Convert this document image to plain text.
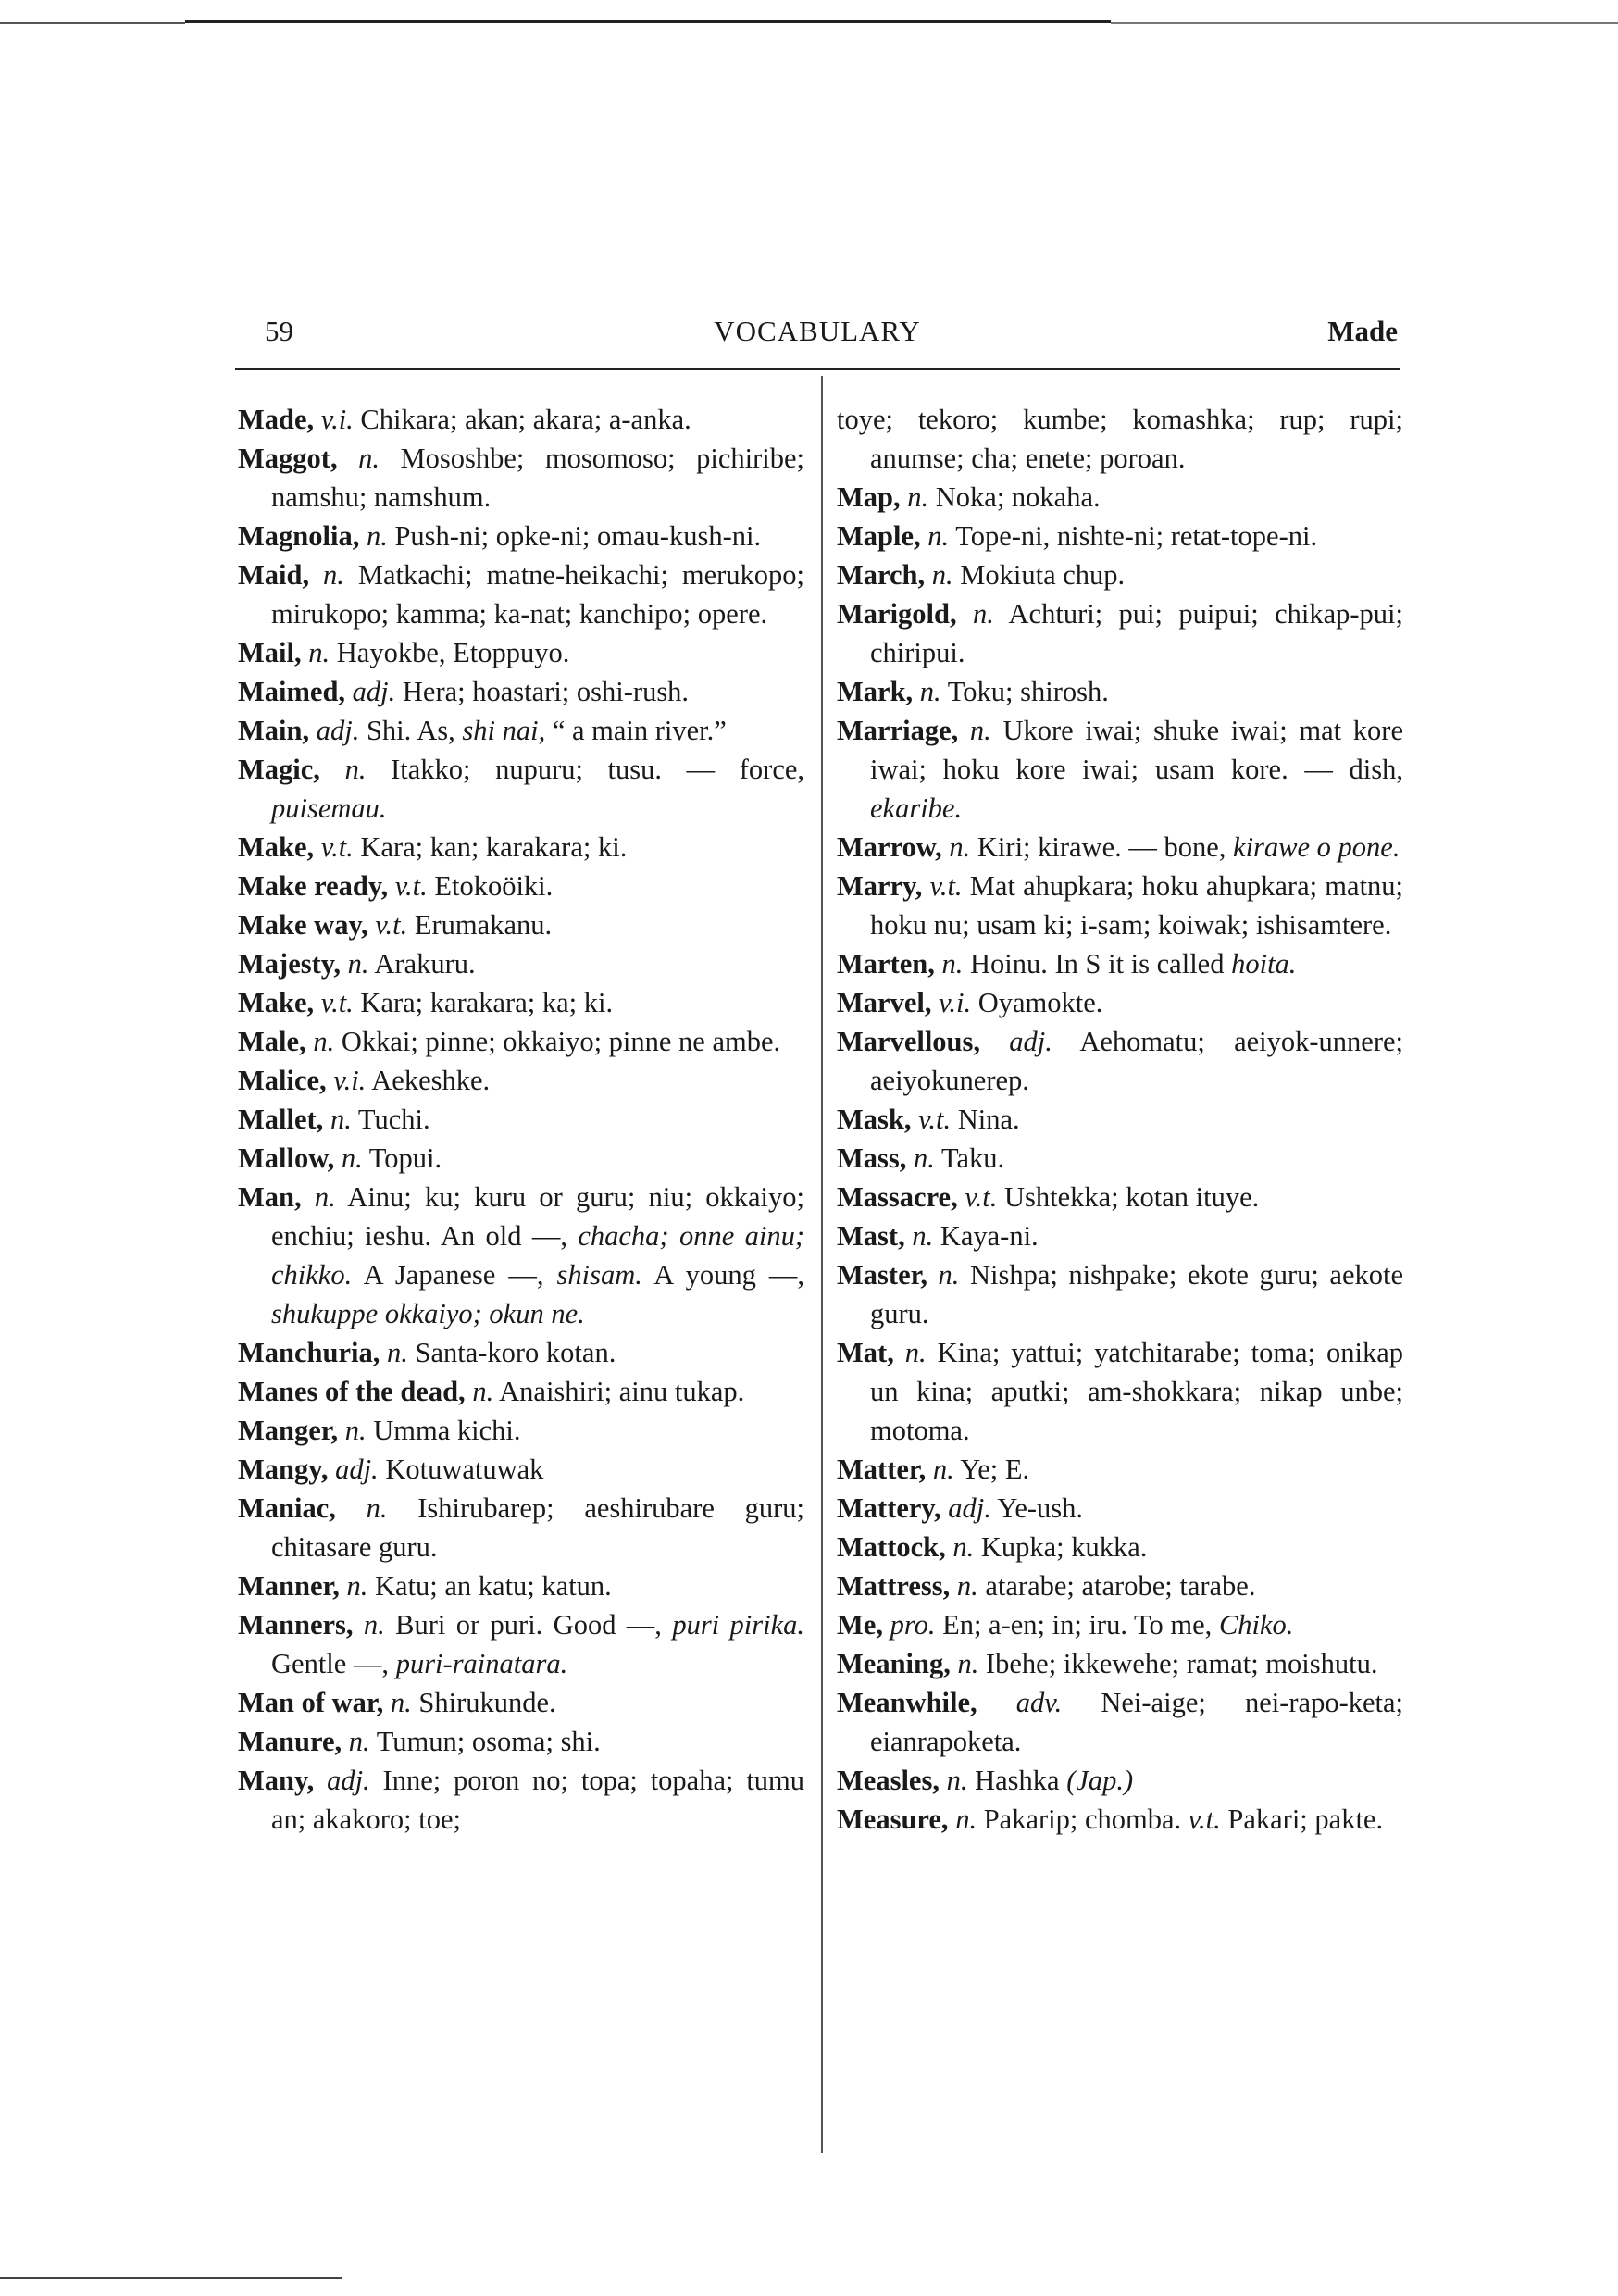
59	VOCABULARY	Made

Made, v.i. Chikara; akan; akara; a-anka.

Maggot, n. Mososhbe; mosomoso; pichiribe; namshu; namshum.

Magnolia, n. Push-ni; opke-ni; omau-kush-ni.

Maid, n. Matkachi; matne-heikachi; merukopo; mirukopo; kamma; ka-nat; kanchipo; opere.

Mail, n. Hayokbe, Etoppuyo.

Maimed, adj. Hera; hoastari; oshi-rush.

Main, adj. Shi. As, shi nai, “ a main river.”

Magic, n. Itakko; nupuru; tusu. — force, puisemau.

Make, v.t. Kara; kan; karakara; ki.

Make ready, v.t. Etokoöiki.

Make way, v.t. Erumakanu.

Majesty, n. Arakuru.

Make, v.t. Kara; karakara; ka; ki.

Male, n. Okkai; pinne; okkaiyo; pinne ne ambe.

Malice, v.i. Aekeshke.

Mallet, n. Tuchi.

Mallow, n. Topui.

Man, n. Ainu; ku; kuru or guru; niu; okkaiyo; enchiu; ieshu. An old —, chacha; onne ainu; chikko. A Japanese —, shisam. A young —, shukuppe okkaiyo; okun ne.

Manchuria, n. Santa-koro kotan.

Manes of the dead, n. Anaishiri; ainu tukap.

Manger, n. Umma kichi.

Mangy, adj. Kotuwatuwak

Maniac, n. Ishirubarep; aeshirubare guru; chitasare guru.

Manner, n. Katu; an katu; katun.

Manners, n. Buri or puri. Good —, puri pirika. Gentle —, puri-rainatara.

Man of war, n. Shirukunde.

Manure, n. Tumun; osoma; shi.

Many, adj. Inne; poron no; topa; topaha; tumu an; akakoro; toe;

toye; tekoro; kumbe; komashka; rup; rupi; anumse; cha; enete; poroan.

Map, n. Noka; nokaha.

Maple, n. Tope-ni, nishte-ni; retat-tope-ni.

March, n. Mokiuta chup.

Marigold, n. Achturi; pui; puipui; chikap-pui; chiripui.

Mark, n. Toku; shirosh.

Marriage, n. Ukore iwai; shuke iwai; mat kore iwai; hoku kore iwai; usam kore. — dish, ekaribe.

Marrow, n. Kiri; kirawe. — bone, kirawe o pone.

Marry, v.t. Mat ahupkara; hoku ahupkara; matnu; hoku nu; usam ki; i-sam; koiwak; ishisamtere.

Marten, n. Hoinu. In S it is called hoita.

Marvel, v.i. Oyamokte.

Marvellous, adj. Aehomatu; aeiyok-unnere; aeiyokunerep.

Mask, v.t. Nina.

Mass, n. Taku.

Massacre, v.t. Ushtekka; kotan ituye.

Mast, n. Kaya-ni.

Master, n. Nishpa; nishpake; ekote guru; aekote guru.

Mat, n. Kina; yattui; yatchitarabe; toma; onikap un kina; aputki; am-shokkara; nikap unbe; motoma.

Matter, n. Ye; E.

Mattery, adj. Ye-ush.

Mattock, n. Kupka; kukka.

Mattress, n. atarabe; atarobe; tarabe.

Me, pro. En; a-en; in; iru. To me, Chiko.

Meaning, n. Ibehe; ikkewehe; ramat; moishutu.

Meanwhile, adv. Nei-aige; nei-rapo-keta; eianrapoketa.

Measles, n. Hashka (Jap.)

Measure, n. Pakarip; chomba. v.t. Pakari; pakte.
